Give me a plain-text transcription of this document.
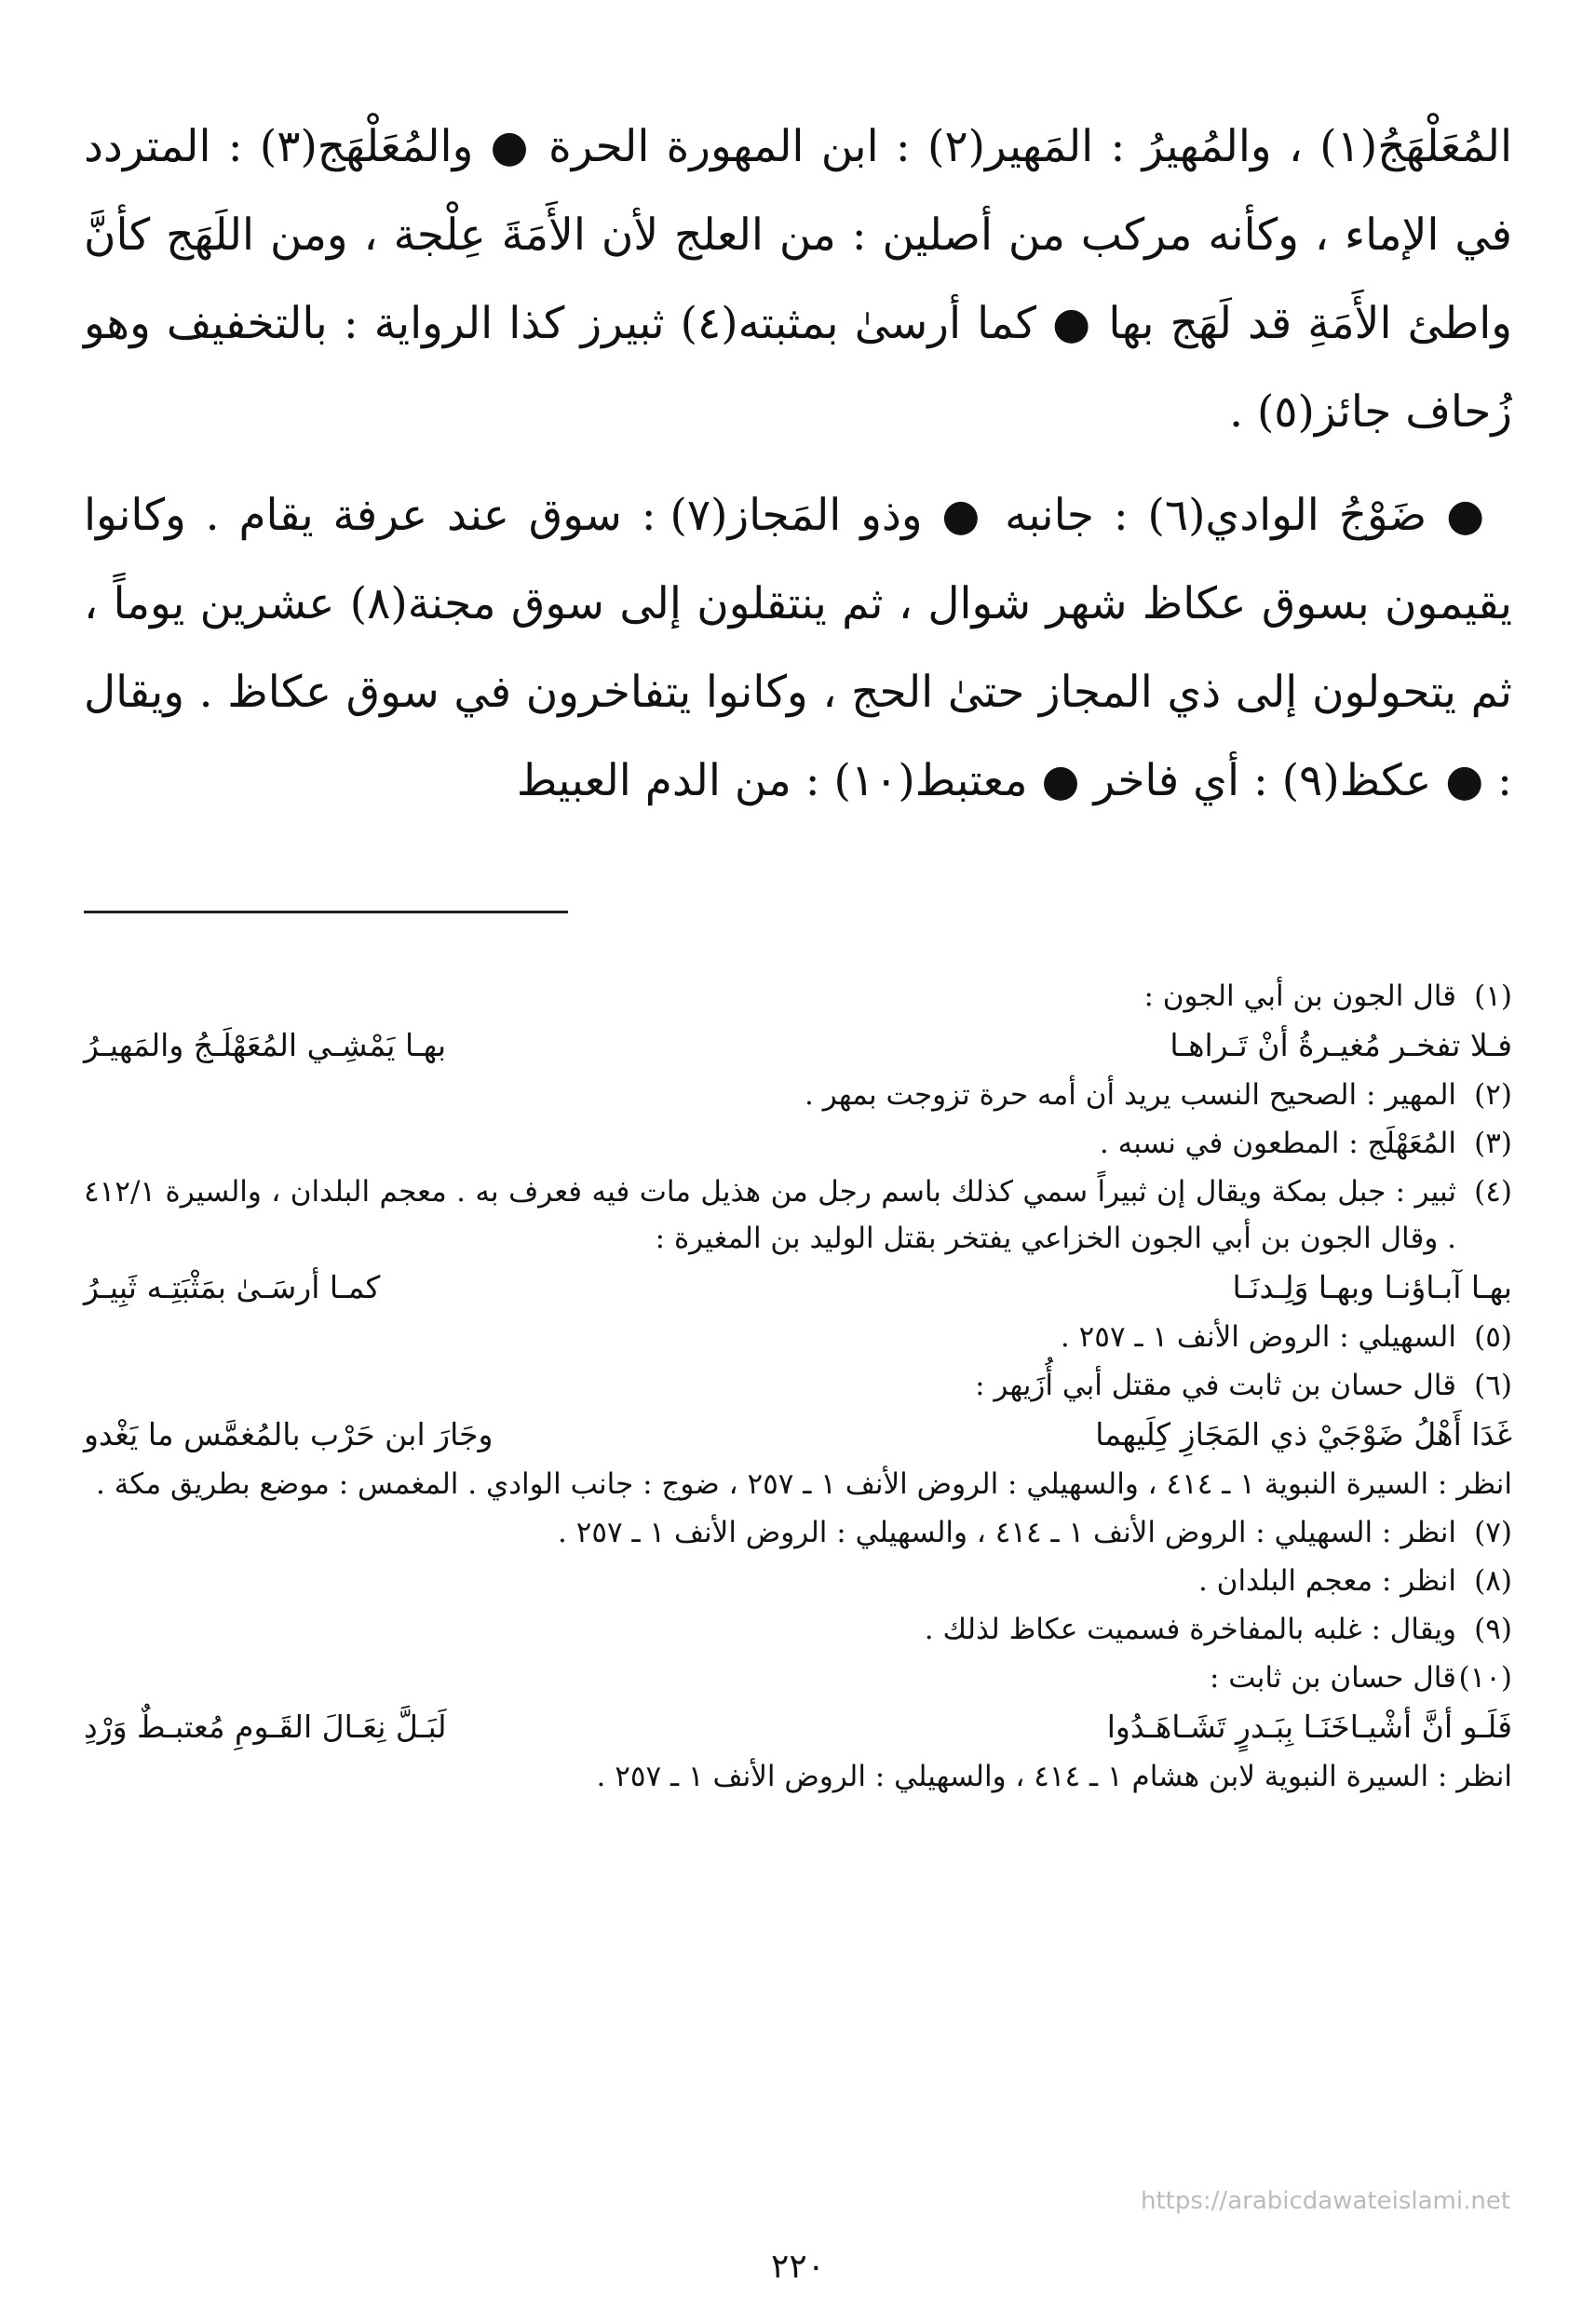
المُعَلْهَجُ(١) ، والمُهيرُ : المَهير(٢) : ابن المهورة الحرة ● والمُعَلْهَج(٣) : المتردد في الإماء ، وكأنه مركب من أصلين : من العلج لأن الأَمَةَ عِلْجة ، ومن اللَهَج كأنَّ واطئ الأَمَةِ قد لَهَج بها ● كما أرسىٰ بمثبته(٤) ثبيرز كذا الرواية : بالتخفيف وهو زُحاف جائز(٥) .

● ضَوْجُ الوادي(٦) : جانبه ● وذو المَجاز(٧) : سوق عند عرفة يقام . وكانوا يقيمون بسوق عكاظ شهر شوال ، ثم ينتقلون إلى سوق مجنة(٨) عشرين يوماً ، ثم يتحولون إلى ذي المجاز حتىٰ الحج ، وكانوا يتفاخرون في سوق عكاظ . ويقال : ● عكظ(٩) : أي فاخر ● معتبط(١٠) : من الدم العبيط

(١)
قال الجون بن أبي الجون :
فـلا تفخـر مُغيـرةُ أنْ تَـراهـا
بهـا يَمْشِـي المُعَهْلَـجُ والمَهيـرُ
(٢)
المهير : الصحيح النسب يريد أن أمه حرة تزوجت بمهر .
(٣)
المُعَهْلَج : المطعون في نسبه .
(٤)
ثبير : جبل بمكة ويقال إن ثبيراً سمي كذلك باسم رجل من هذيل مات فيه فعرف به . معجم البلدان ، والسيرة ٤١٢/١ . وقال الجون بن أبي الجون الخزاعي يفتخر بقتل الوليد بن المغيرة :
بهـا آبـاؤنـا وبهـا وَلِـدنَـا
كمـا أرسَـىٰ بمَثْبَتِـه ثَبِيـرُ
(٥)
السهيلي : الروض الأنف ١ ـ ٢٥٧ .
(٦)
قال حسان بن ثابت في مقتل أبي أُزَيهر :
غَدَا أَهْلُ ضَوْجَيْ ذي المَجَازِ كِلَيهما
وجَارَ ابن حَرْب بالمُغمَّس ما يَغْدو
انظر : السيرة النبوية ١ ـ ٤١٤ ، والسهيلي : الروض الأنف ١ ـ ٢٥٧ ، ضوج : جانب الوادي . المغمس : موضع بطريق مكة .
(٧)
انظر : السهيلي : الروض الأنف ١ ـ ٤١٤ ، والسهيلي : الروض الأنف ١ ـ ٢٥٧ .
(٨)
انظر : معجم البلدان .
(٩)
ويقال : غلبه بالمفاخرة فسميت عكاظ لذلك .
(١٠)
قال حسان بن ثابت :
فَلَـو أنَّ أشْيـاخَنَـا بِبَـدرٍ تَشَـاهَـدُوا
لَبَـلَّ نِعَـالَ القَـومِ مُعتبـطٌ وَرْدِ
انظر : السيرة النبوية لابن هشام ١ ـ ٤١٤ ، والسهيلي : الروض الأنف ١ ـ ٢٥٧ .
https://arabicdawateislami.net
٢٢٠
